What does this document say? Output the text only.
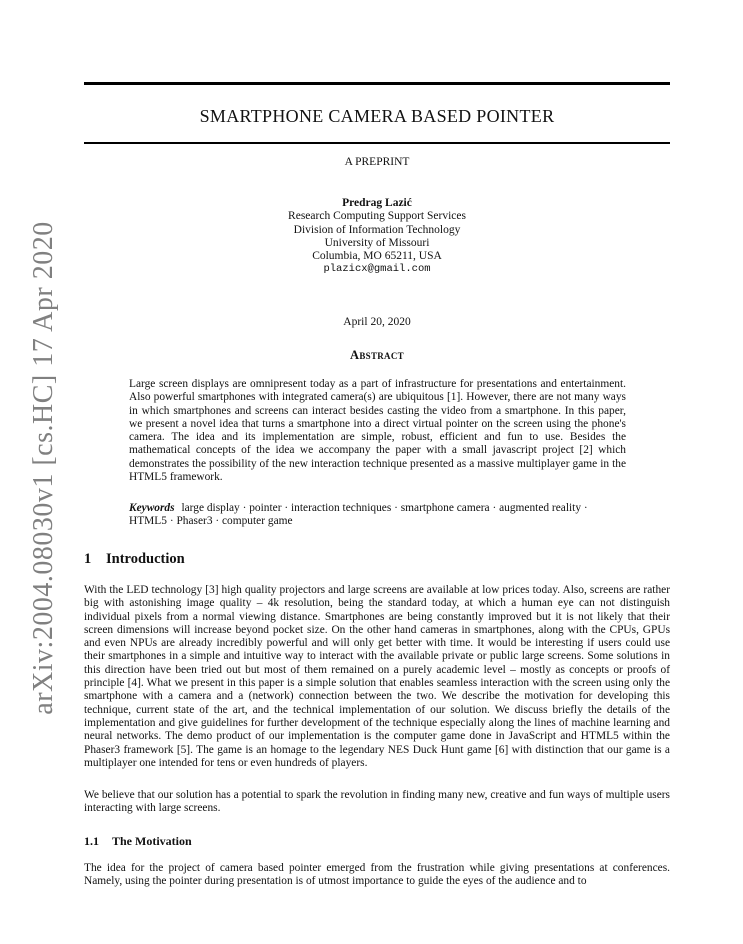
SMARTPHONE CAMERA BASED POINTER
A PREPRINT
Predrag Lazić
Research Computing Support Services
Division of Information Technology
University of Missouri
Columbia, MO 65211, USA
plazicx@gmail.com
April 20, 2020
Abstract
Large screen displays are omnipresent today as a part of infrastructure for presentations and entertainment. Also powerful smartphones with integrated camera(s) are ubiquitous [1]. However, there are not many ways in which smartphones and screens can interact besides casting the video from a smartphone. In this paper, we present a novel idea that turns a smartphone into a direct virtual pointer on the screen using the phone's camera. The idea and its implementation are simple, robust, efficient and fun to use. Besides the mathematical concepts of the idea we accompany the paper with a small javascript project [2] which demonstrates the possibility of the new interaction technique presented as a massive multiplayer game in the HTML5 framework.
Keywords large display · pointer · interaction techniques · smartphone camera · augmented reality · HTML5 · Phaser3 · computer game
arXiv:2004.08030v1 [cs.HC] 17 Apr 2020 1 Introduction
With the LED technology [3] high quality projectors and large screens are available at low prices today. Also, screens are rather big with astonishing image quality – 4k resolution, being the standard today, at which a human eye can not distinguish individual pixels from a normal viewing distance. Smartphones are being constantly improved but it is not likely that their screen dimensions will increase beyond pocket size. On the other hand cameras in smartphones, along with the CPUs, GPUs and even NPUs are already incredibly powerful and will only get better with time. It would be interesting if users could use their smartphones in a simple and intuitive way to interact with the available private or public large screens. Some solutions in this direction have been tried out but most of them remained on a purely academic level – mostly as concepts or proofs of principle [4]. What we present in this paper is a simple solution that enables seamless interaction with the screen using only the smartphone with a camera and a (network) connection between the two. We describe the motivation for developing this technique, current state of the art, and the technical implementation of our solution. We discuss briefly the details of the implementation and give guidelines for further development of the technique especially along the lines of machine learning and neural networks. The demo product of our implementation is the computer game done in JavaScript and HTML5 within the Phaser3 framework [5]. The game is an homage to the legendary NES Duck Hunt game [6] with distinction that our game is a multiplayer one intended for tens or even hundreds of players.
We believe that our solution has a potential to spark the revolution in finding many new, creative and fun ways of multiple users interacting with large screens.
1.1 The Motivation
The idea for the project of camera based pointer emerged from the frustration while giving presentations at conferences. Namely, using the pointer during presentation is of utmost importance to guide the eyes of the audience and to
